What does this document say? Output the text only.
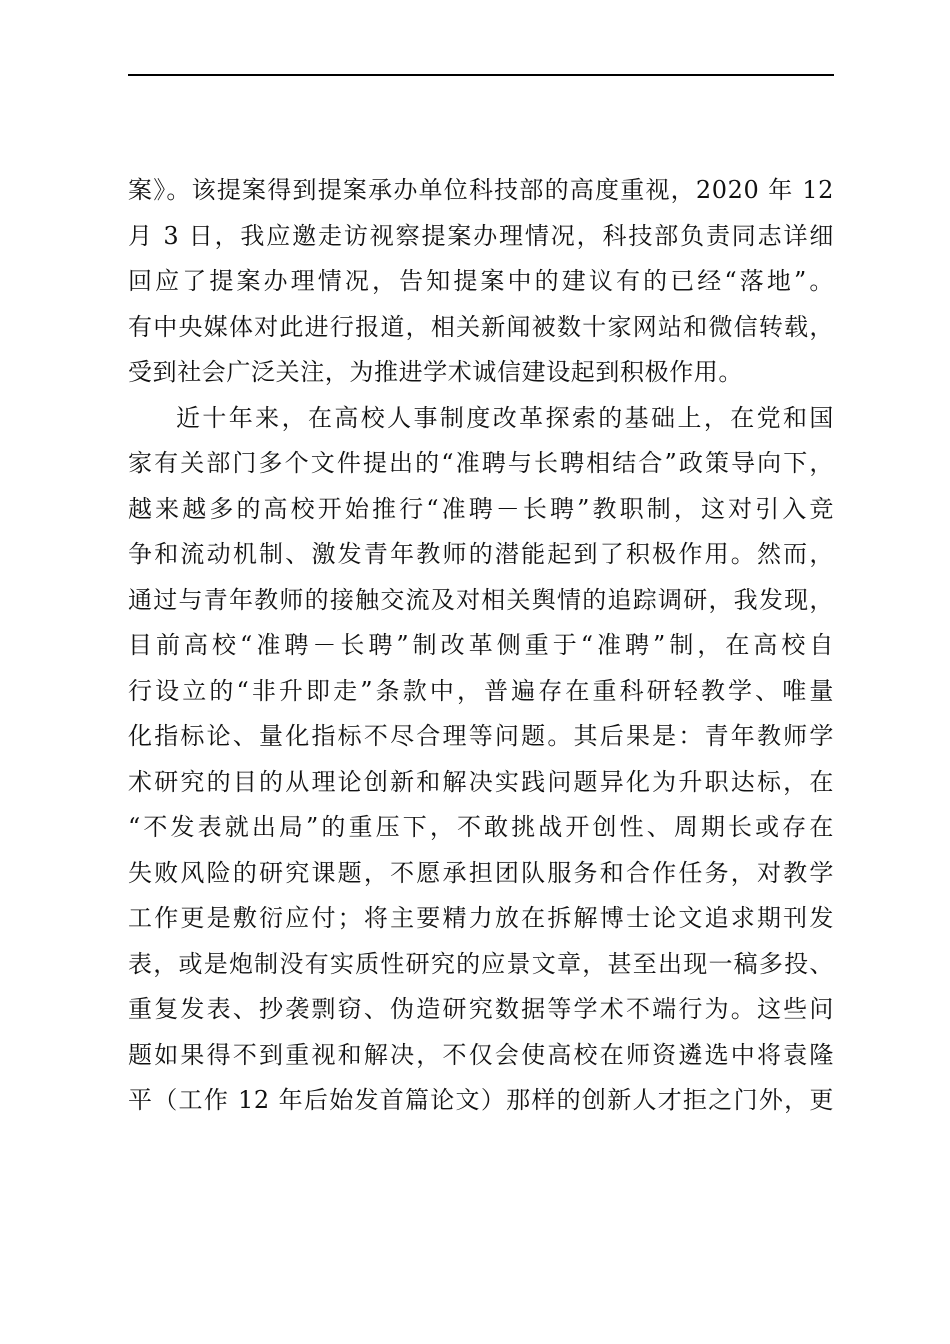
案》。该提案得到提案承办单位科技部的高度重视，2020 年 12
月 3 日，我应邀走访视察提案办理情况，科技部负责同志详细
回应了提案办理情况，告知提案中的建议有的已经“落地”。
有中央媒体对此进行报道，相关新闻被数十家网站和微信转载，
受到社会广泛关注，为推进学术诚信建设起到积极作用。
近十年来，在高校人事制度改革探索的基础上，在党和国
家有关部门多个文件提出的“准聘与长聘相结合”政策导向下，
越来越多的高校开始推行“准聘－长聘”教职制，这对引入竞
争和流动机制、激发青年教师的潜能起到了积极作用。然而，
通过与青年教师的接触交流及对相关舆情的追踪调研，我发现，
目前高校“准聘－长聘”制改革侧重于“准聘”制，在高校自
行设立的“非升即走”条款中，普遍存在重科研轻教学、唯量
化指标论、量化指标不尽合理等问题。其后果是：青年教师学
术研究的目的从理论创新和解决实践问题异化为升职达标，在
“不发表就出局”的重压下，不敢挑战开创性、周期长或存在
失败风险的研究课题，不愿承担团队服务和合作任务，对教学
工作更是敷衍应付；将主要精力放在拆解博士论文追求期刊发
表，或是炮制没有实质性研究的应景文章，甚至出现一稿多投、
重复发表、抄袭剽窃、伪造研究数据等学术不端行为。这些问
题如果得不到重视和解决，不仅会使高校在师资遴选中将袁隆
平（工作 12 年后始发首篇论文）那样的创新人才拒之门外，更
